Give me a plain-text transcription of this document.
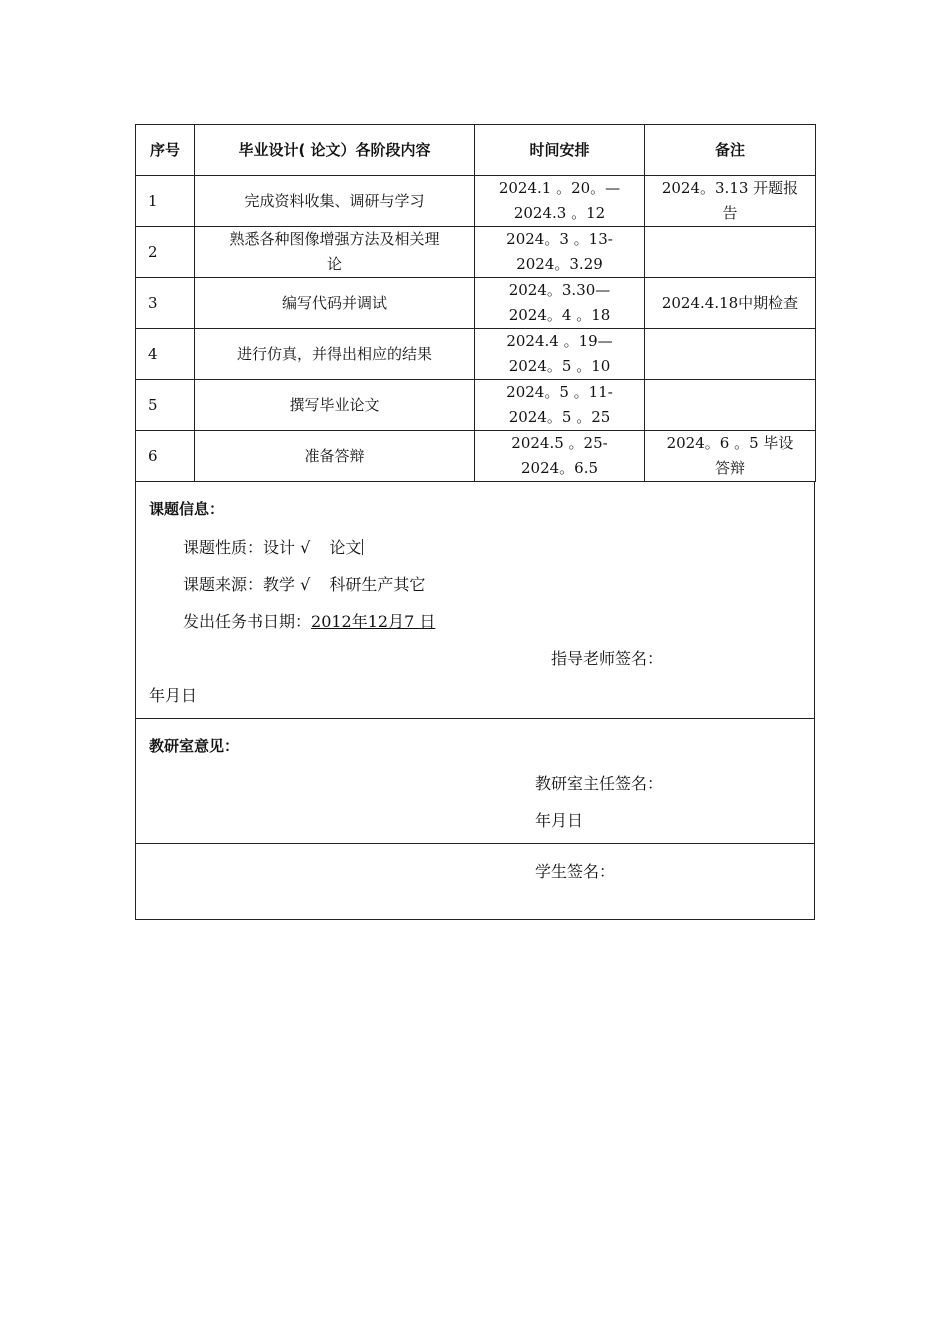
序号	毕业设计( 论文）各阶段内容	时间安排	备注
1	完成资料收集、调研与学习	2024.1 。20。—
2024.3 。12	2024。3.13 开题报
告

2	熟悉各种图像增强方法及相关理
论	2024。3 。13-
2024。3.29	

3	编写代码并调试	2024。3.30—
2024。4 。18	2024.4.18中期检查

4	进行仿真，并得出相应的结果	2024.4 。19—
2024。5 。10	

5	撰写毕业论文	2024。5 。11-
2024。5 。25	

6	准备答辩	2024.5 。25-
2024。6.5	2024。6 。5 毕设
答辩
课题信息：
课题性质：设计 √ 论文
课题来源：教学 √ 科研生产其它
发出任务书日期：2012年12月7 日
指导老师签名：
年月日
教研室意见：
教研室主任签名：
年月日
学生签名：
